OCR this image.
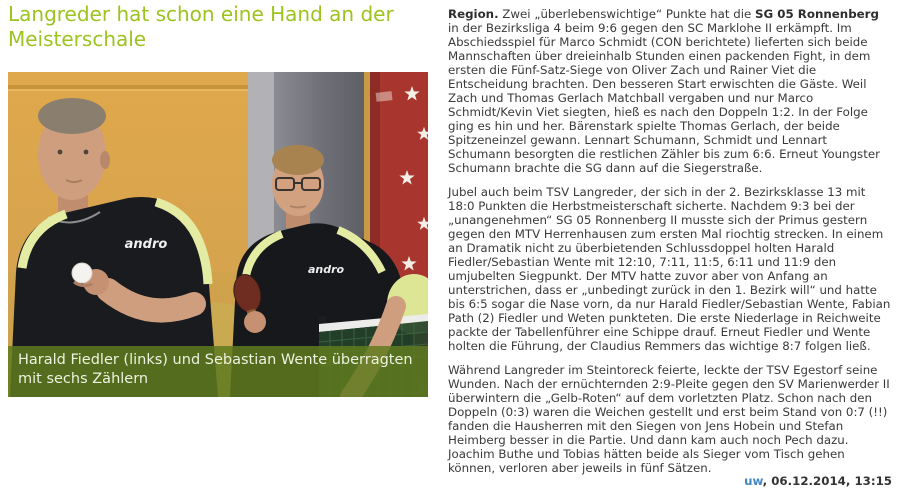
Langreder hat schon eine Hand an der Meisterschale
andro
andro
Harald Fiedler (links) und Sebastian Wente überragten mit sechs Zählern

Region. Zwei „überlebenswichtige“ Punkte hat die SG 05 Ronnenberg in der Bezirksliga 4 beim 9:6 gegen den SC Marklohe II erkämpft. Im Abschiedsspiel für Marco Schmidt (CON berichtete) lieferten sich beide Mannschaften über dreieinhalb Stunden einen packenden Fight, in dem ersten die Fünf-Satz-Siege von Oliver Zach und Rainer Viet die Entscheidung brachten. Den besseren Start erwischten die Gäste. Weil Zach und Thomas Gerlach Matchball vergaben und nur Marco Schmidt/Kevin Viet siegten, hieß es nach den Doppeln 1:2. In der Folge ging es hin und her. Bärenstark spielte Thomas Gerlach, der beide Spitzeneinzel gewann. Lennart Schumann, Schmidt und Lennart Schumann besorgten die restlichen Zähler bis zum 6:6. Erneut Youngster Schumann brachte die SG dann auf die Siegerstraße.

Jubel auch beim TSV Langreder, der sich in der 2. Bezirksklasse 13 mit 18:0 Punkten die Herbstmeisterschaft sicherte. Nachdem 9:3 bei der „unangenehmen“ SG 05 Ronnenberg II musste sich der Primus gestern gegen den MTV Herrenhausen zum ersten Mal riochtig strecken. In einem an Dramatik nicht zu überbietenden Schlussdoppel holten Harald Fiedler/Sebastian Wente mit 12:10, 7:11, 11:5, 6:11 und 11:9 den umjubelten Siegpunkt. Der MTV hatte zuvor aber von Anfang an unterstrichen, dass er „unbedingt zurück in den 1. Bezirk will“ und hatte bis 6:5 sogar die Nase vorn, da nur Harald Fiedler/Sebastian Wente, Fabian Path (2) Fiedler und Weten punkteten. Die erste Niederlage in Reichweite packte der Tabellenführer eine Schippe drauf. Erneut Fiedler und Wente holten die Führung, der Claudius Remmers das wichtige 8:7 folgen ließ.

Während Langreder im Steintoreck feierte, leckte der TSV Egestorf seine Wunden. Nach der ernüchternden 2:9-Pleite gegen den SV Marienwerder II überwintern die „Gelb-Roten“ auf dem vorletzten Platz. Schon nach den Doppeln (0:3) waren die Weichen gestellt und erst beim Stand von 0:7 (!!) fanden die Hausherren mit den Siegen von Jens Hobein und Stefan Heimberg besser in die Partie. Und dann kam auch noch Pech dazu. Joachim Buthe und Tobias hätten beide als Sieger vom Tisch gehen können, verloren aber jeweils in fünf Sätzen.

uw, 06.12.2014, 13:15
